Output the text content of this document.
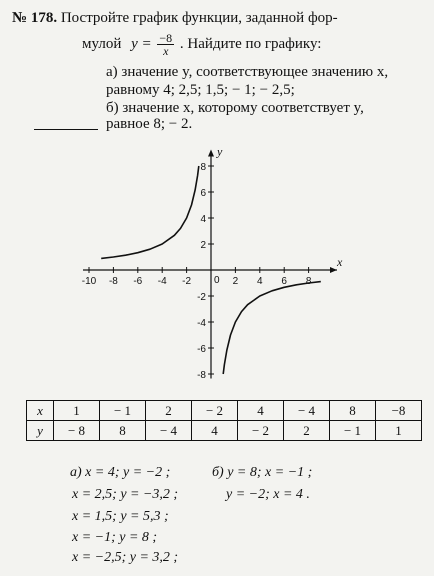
№ 178. Постройте график функции, заданной фор-
мулой $y = \frac{-8}{x}$ . Найдите по графику:
а) значение y, соответствующее значению x,
равному 4; 2,5; 1,5; − 1; − 2,5;
б) значение x, которому соответствует y,
равное 8; − 2.
x
y
0
-10 -8 -6 -4 -2	2 4 6 8
8
6
4
2
-2
-4
-6
-8
x	1	− 1	2	− 2	4	− 4	8	−8
y	− 8	8	− 4	4	− 2	2	− 1	1
а) x = 4; y = −2 ;
x = 2,5; y = −3,2 ;
x = 1,5; y = 5,3 ;
x = −1; y = 8 ;
x = −2,5; y = 3,2 ;
б) y = 8; x = −1 ;
y = −2; x = 4 .
